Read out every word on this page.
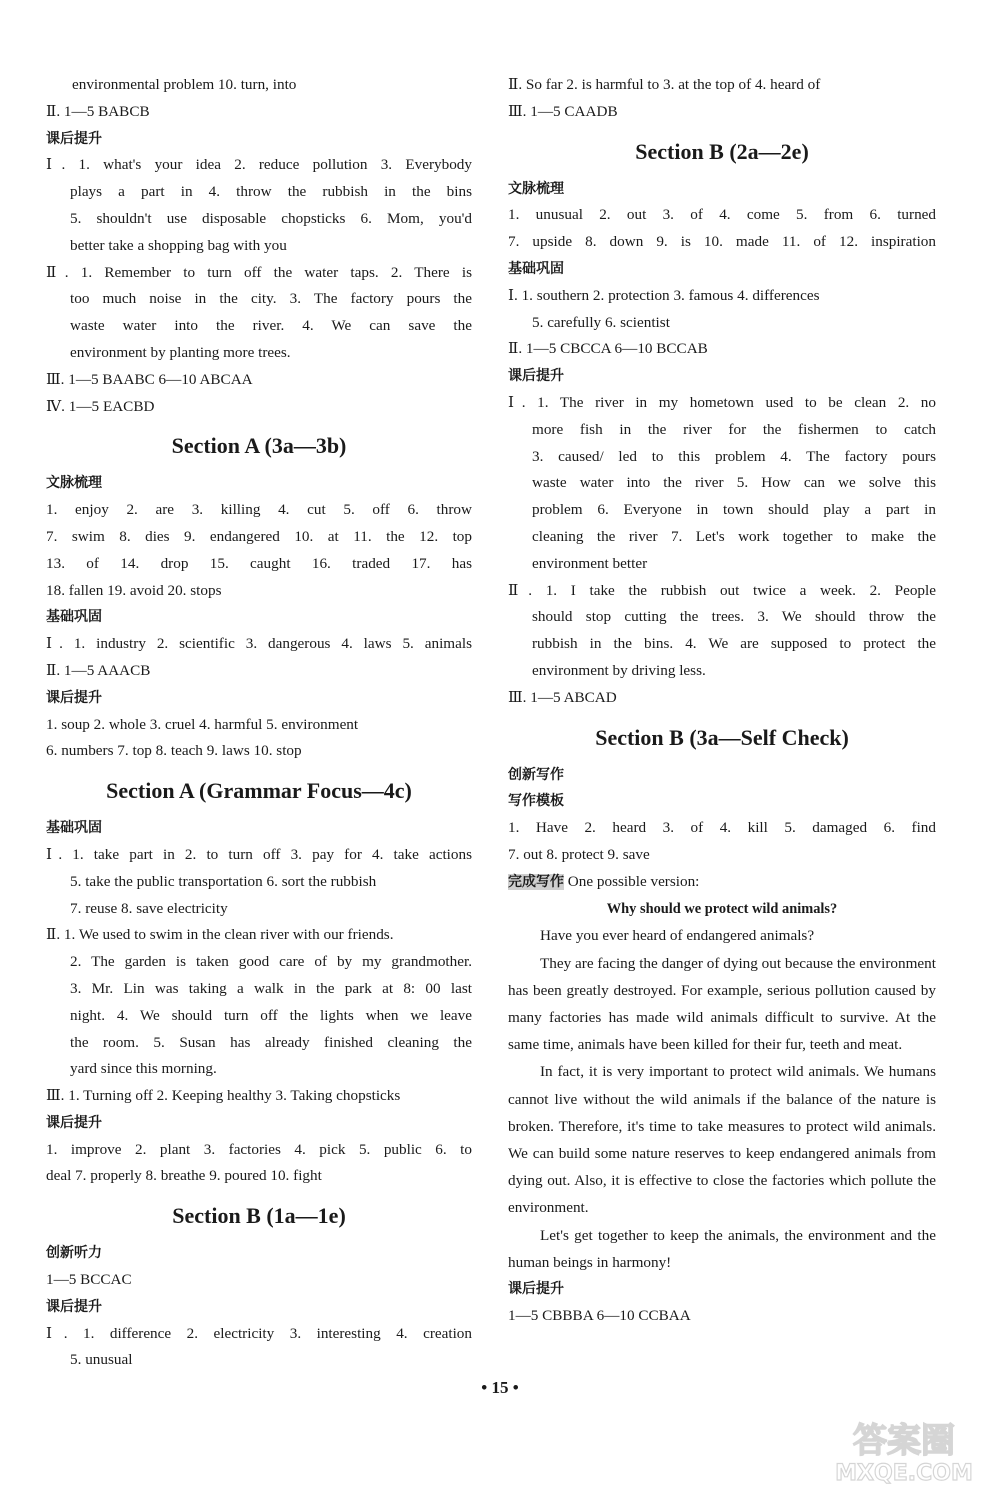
environmental problem 10. turn, into
Ⅱ. 1—5 BABCB
课后提升
Ⅰ. 1. what's your idea 2. reduce pollution 3. Everybody
plays a part in 4. throw the rubbish in the bins
5. shouldn't use disposable chopsticks 6. Mom, you'd
better take a shopping bag with you
Ⅱ. 1. Remember to turn off the water taps. 2. There is
too much noise in the city. 3. The factory pours the
waste water into the river. 4. We can save the
environment by planting more trees.
Ⅲ. 1—5 BAABC 6—10 ABCAA
Ⅳ. 1—5 EACBD
Section A (3a—3b)
文脉梳理
1. enjoy 2. are 3. killing 4. cut 5. off 6. throw
7. swim 8. dies 9. endangered 10. at 11. the 12. top
13. of 14. drop 15. caught 16. traded 17. has
18. fallen 19. avoid 20. stops
基础巩固
Ⅰ. 1. industry 2. scientific 3. dangerous 4. laws 5. animals
Ⅱ. 1—5 AAACB
课后提升
1. soup 2. whole 3. cruel 4. harmful 5. environment
6. numbers 7. top 8. teach 9. laws 10. stop
Section A (Grammar Focus—4c)
基础巩固
Ⅰ. 1. take part in 2. to turn off 3. pay for 4. take actions
5. take the public transportation 6. sort the rubbish
7. reuse 8. save electricity
Ⅱ. 1. We used to swim in the clean river with our friends.
2. The garden is taken good care of by my grandmother.
3. Mr. Lin was taking a walk in the park at 8: 00 last
night. 4. We should turn off the lights when we leave
the room. 5. Susan has already finished cleaning the
yard since this morning.
Ⅲ. 1. Turning off 2. Keeping healthy 3. Taking chopsticks
课后提升
1. improve 2. plant 3. factories 4. pick 5. public 6. to
deal 7. properly 8. breathe 9. poured 10. fight
Section B (1a—1e)
创新听力
1—5 BCCAC
课后提升
Ⅰ. 1. difference 2. electricity 3. interesting 4. creation
5. unusual
Ⅱ. So far 2. is harmful to 3. at the top of 4. heard of
Ⅲ. 1—5 CAADB
Section B (2a—2e)
文脉梳理
1. unusual 2. out 3. of 4. come 5. from 6. turned
7. upside 8. down 9. is 10. made 11. of 12. inspiration
基础巩固
Ⅰ. 1. southern 2. protection 3. famous 4. differences
5. carefully 6. scientist
Ⅱ. 1—5 CBCCA 6—10 BCCAB
课后提升
Ⅰ. 1. The river in my hometown used to be clean 2. no
more fish in the river for the fishermen to catch
3. caused/ led to this problem 4. The factory pours
waste water into the river 5. How can we solve this
problem 6. Everyone in town should play a part in
cleaning the river 7. Let's work together to make the
environment better
Ⅱ. 1. I take the rubbish out twice a week. 2. People
should stop cutting the trees. 3. We should throw the
rubbish in the bins. 4. We are supposed to protect the
environment by driving less.
Ⅲ. 1—5 ABCAD
Section B (3a—Self Check)
创新写作
写作模板
1. Have 2. heard 3. of 4. kill 5. damaged 6. find
7. out 8. protect 9. save
完成写作 One possible version:
Why should we protect wild animals?
Have you ever heard of endangered animals?
They are facing the danger of dying out because the environment has been greatly destroyed. For example, serious pollution caused by many factories has made wild animals difficult to survive. At the same time, animals have been killed for their fur, teeth and meat.
In fact, it is very important to protect wild animals. We humans cannot live without the wild animals if the balance of the nature is broken. Therefore, it's time to take measures to protect wild animals. We can build some nature reserves to keep endangered animals from dying out. Also, it is effective to close the factories which pollute the environment.
Let's get together to keep the animals, the environment and the human beings in harmony!
课后提升
1—5 CBBBA 6—10 CCBAA
• 15 •
答案圈
MXQE.COM
